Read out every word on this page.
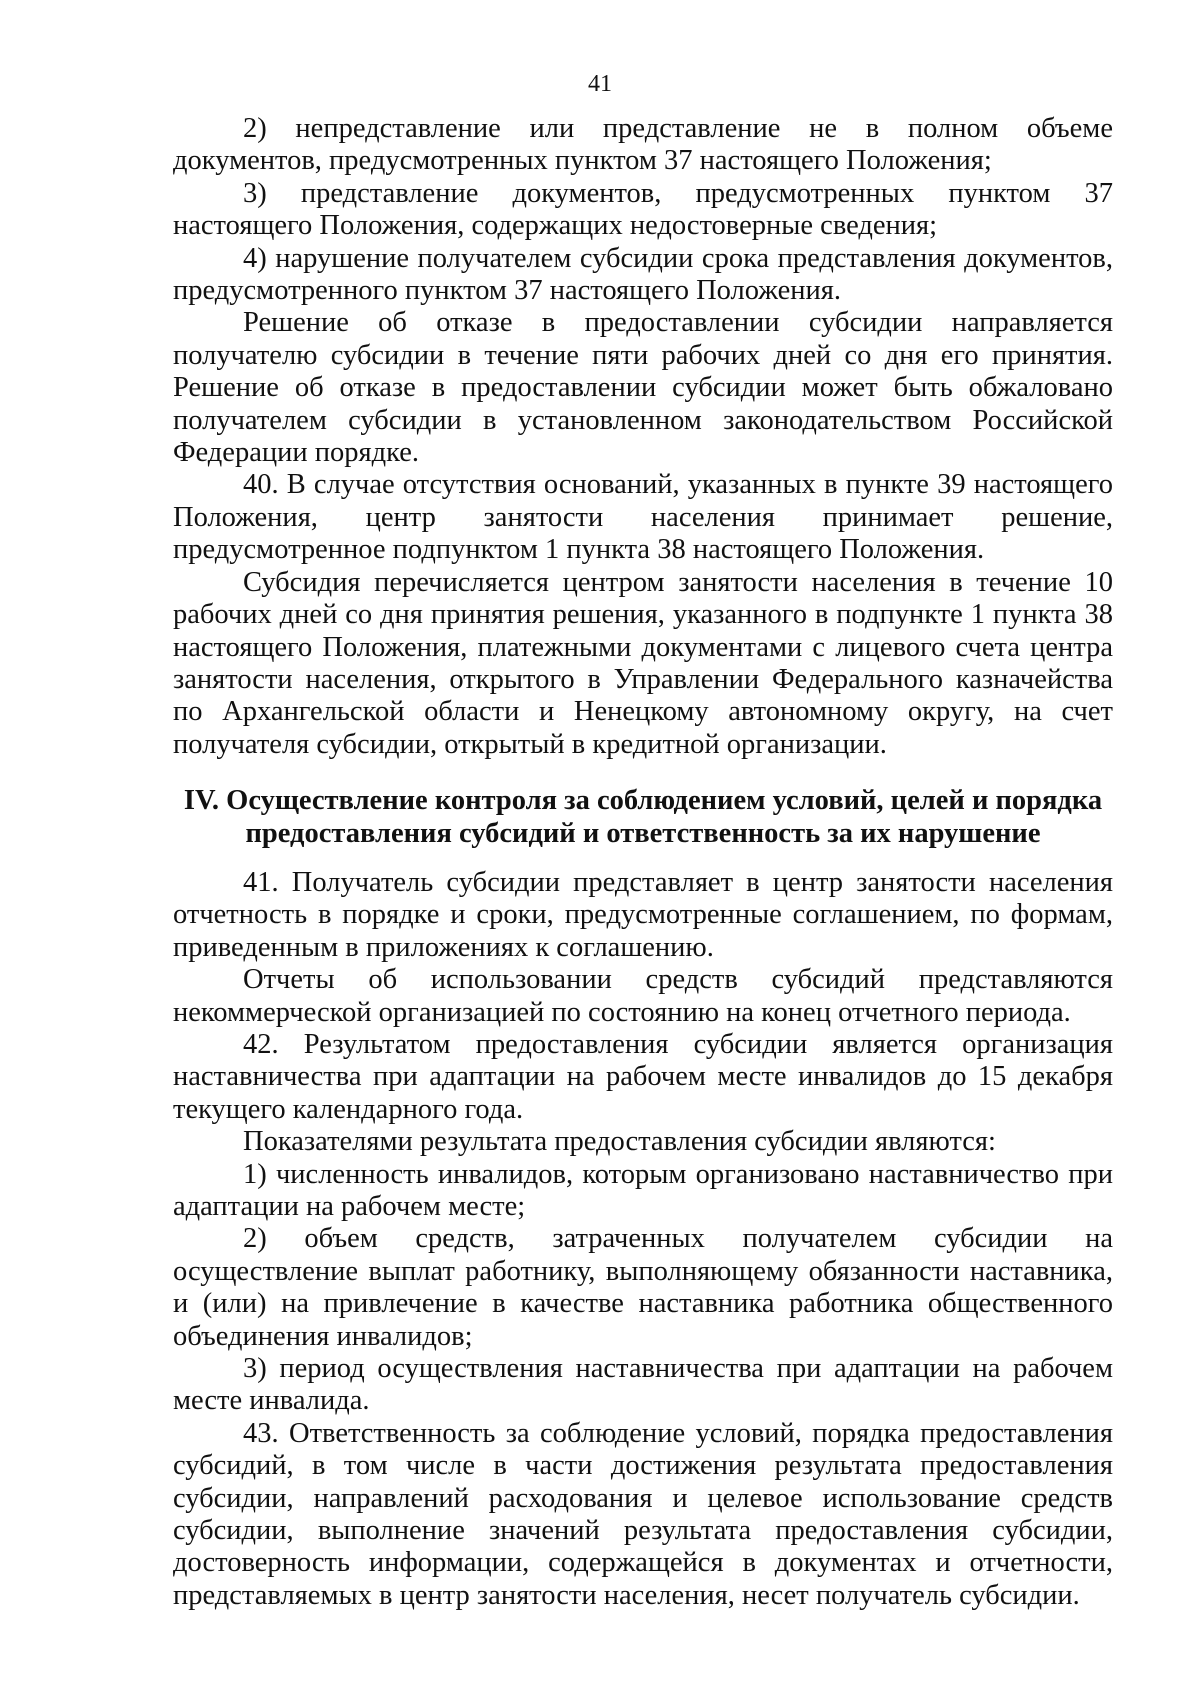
41

2) непредставление или представление не в полном объеме документов, предусмотренных пунктом 37 настоящего Положения;

3) представление документов, предусмотренных пунктом 37 настоящего Положения, содержащих недостоверные сведения;

4) нарушение получателем субсидии срока представления документов, предусмотренного пунктом 37 настоящего Положения.

Решение об отказе в предоставлении субсидии направляется получателю субсидии в течение пяти рабочих дней со дня его принятия. Решение об отказе в предоставлении субсидии может быть обжаловано получателем субсидии в установленном законодательством Российской Федерации порядке.

40. В случае отсутствия оснований, указанных в пункте 39 настоящего Положения, центр занятости населения принимает решение, предусмотренное подпунктом 1 пункта 38 настоящего Положения.

Субсидия перечисляется центром занятости населения в течение 10 рабочих дней со дня принятия решения, указанного в подпункте 1 пункта 38 настоящего Положения, платежными документами с лицевого счета центра занятости населения, открытого в Управлении Федерального казначейства по Архангельской области и Ненецкому автономному округу, на счет получателя субсидии, открытый в кредитной организации.

IV. Осуществление контроля за соблюдением условий, целей и порядка
предоставления субсидий и ответственность за их нарушение

41. Получатель субсидии представляет в центр занятости населения отчетность в порядке и сроки, предусмотренные соглашением, по формам, приведенным в приложениях к соглашению.

Отчеты об использовании средств субсидий представляются некоммерческой организацией по состоянию на конец отчетного периода.

42. Результатом предоставления субсидии является организация наставничества при адаптации на рабочем месте инвалидов до 15 декабря текущего календарного года.

Показателями результата предоставления субсидии являются:

1) численность инвалидов, которым организовано наставничество при адаптации на рабочем месте;

2) объем средств, затраченных получателем субсидии на осуществление выплат работнику, выполняющему обязанности наставника, и (или) на привлечение в качестве наставника работника общественного объединения инвалидов;

3) период осуществления наставничества при адаптации на рабочем месте инвалида.

43. Ответственность за соблюдение условий, порядка предоставления субсидий, в том числе в части достижения результата предоставления субсидии, направлений расходования и целевое использование средств субсидии, выполнение значений результата предоставления субсидии, достоверность информации, содержащейся в документах и отчетности, представляемых в центр занятости населения, несет получатель субсидии.
